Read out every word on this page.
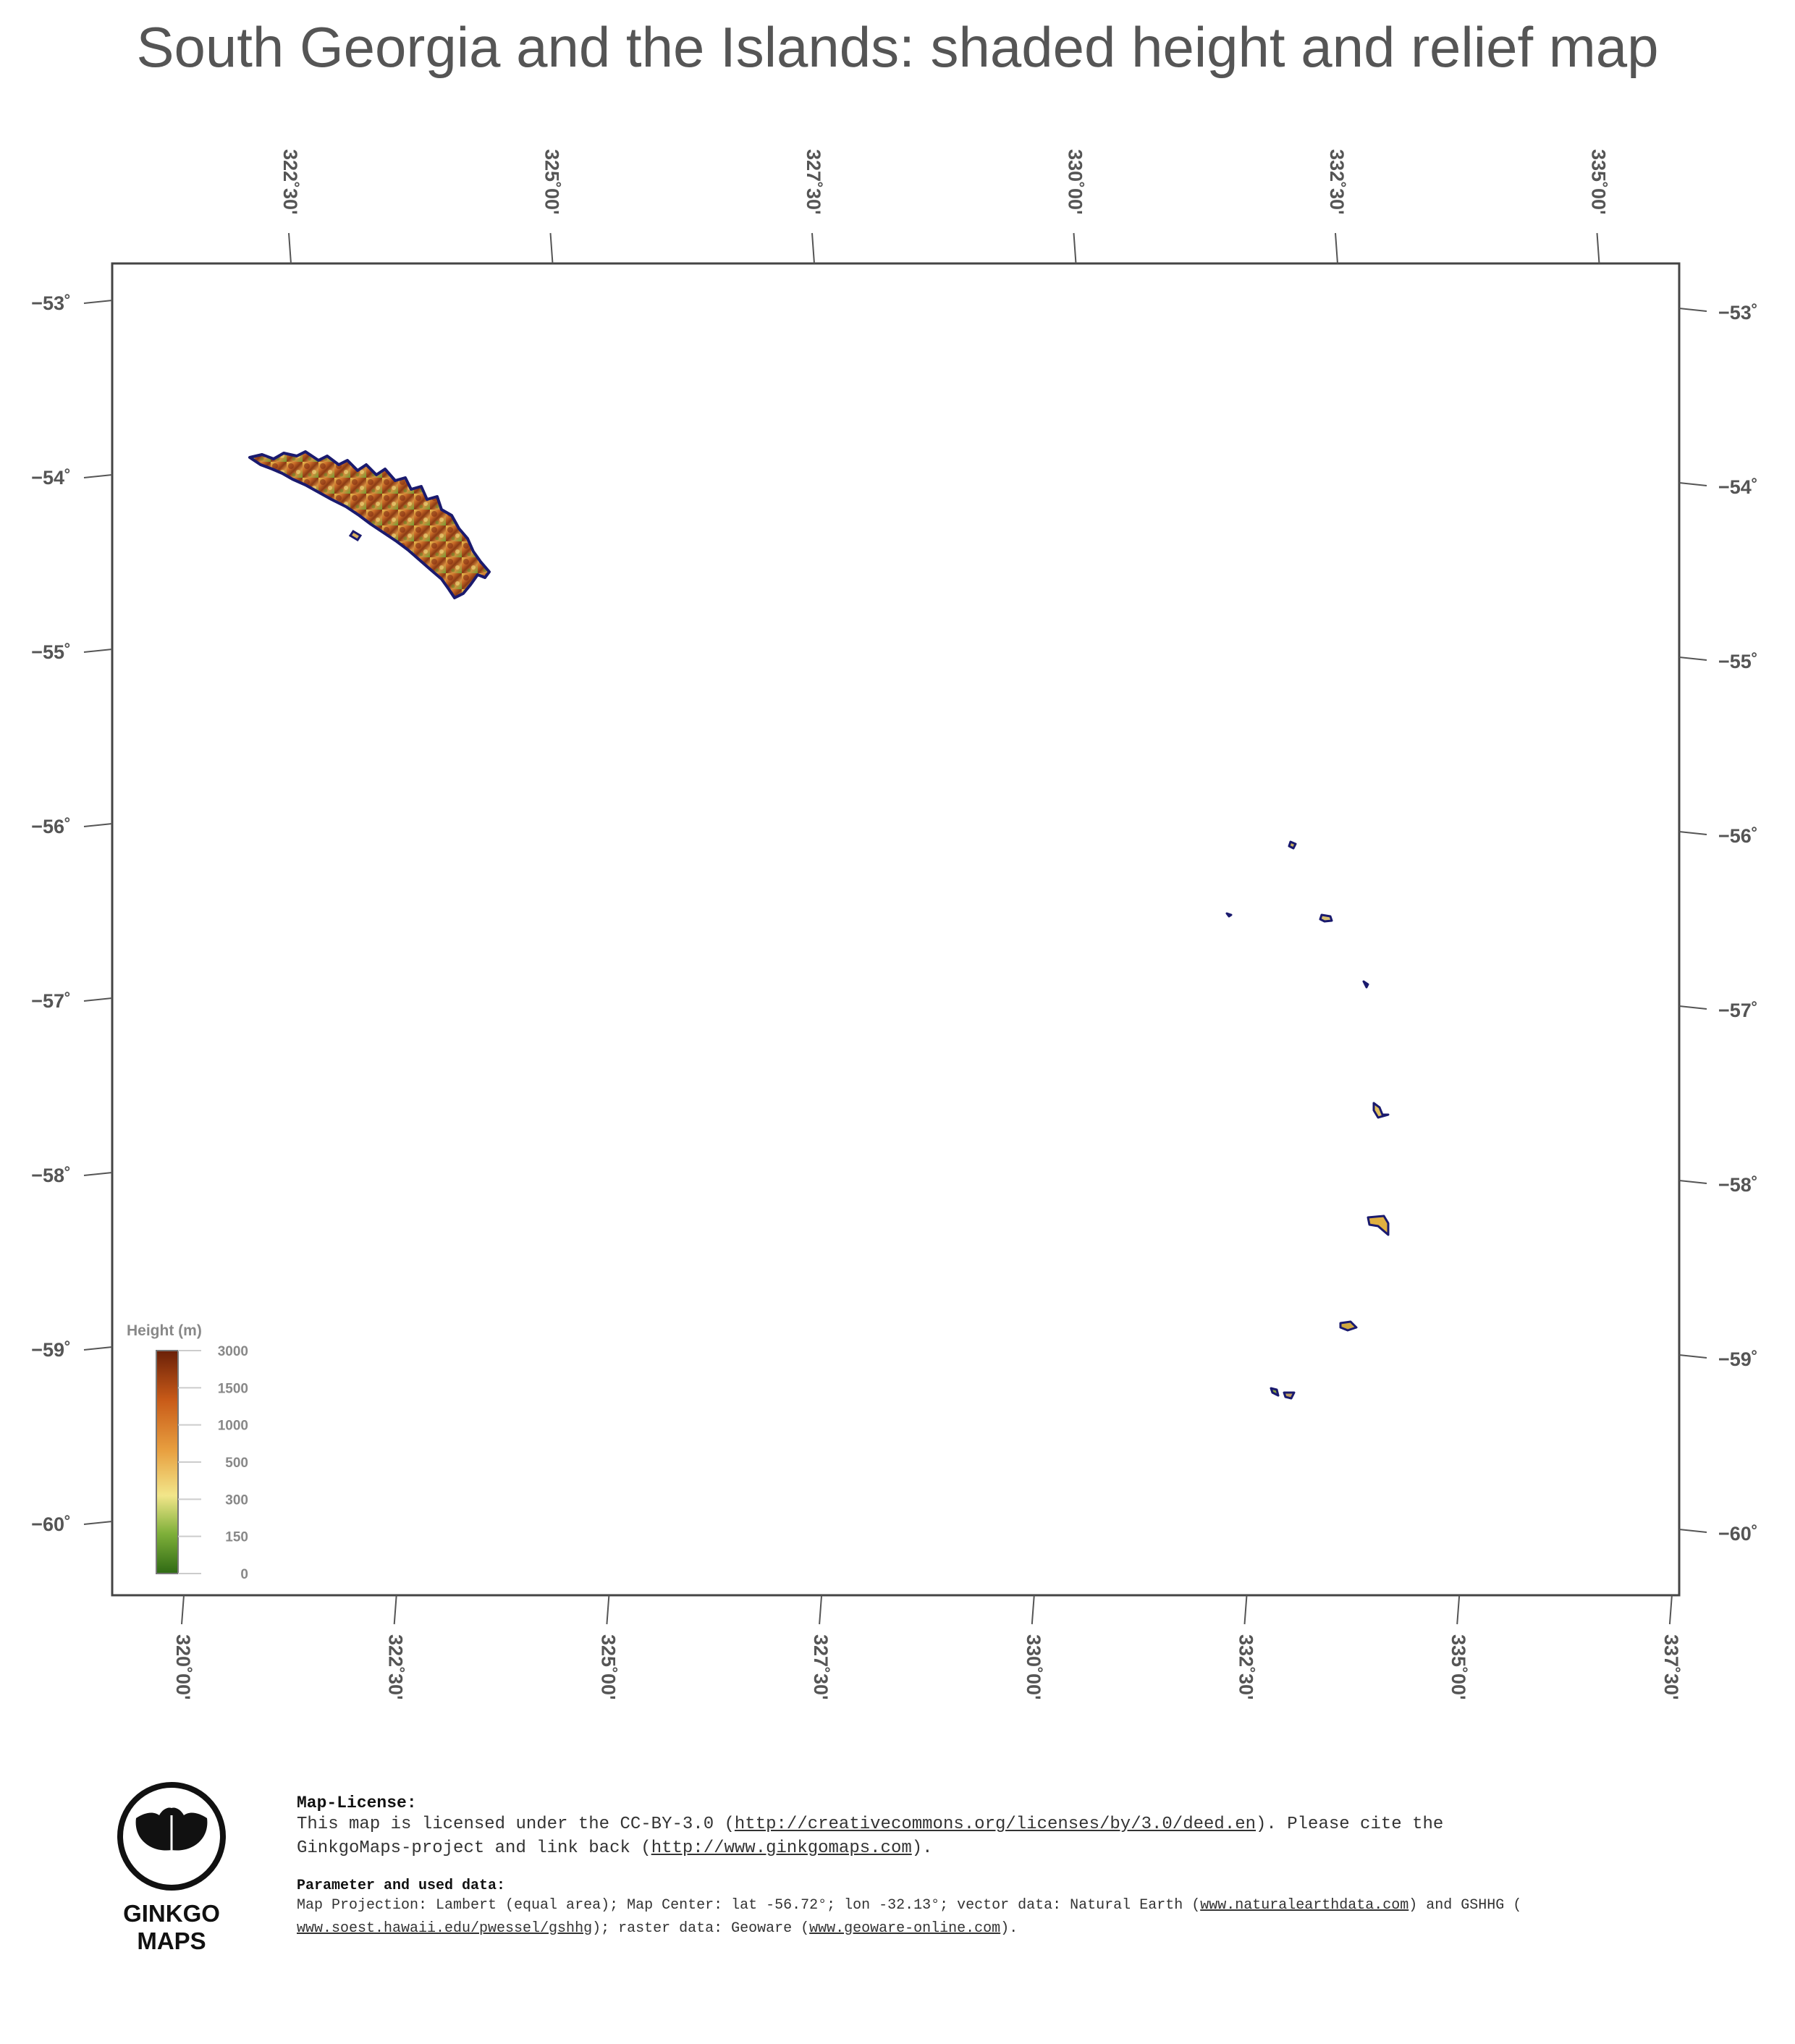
South Georgia and the Islands: shaded height and relief map
322˚30'	325˚00'	327˚30'	330˚00'	332˚30'	335˚00'
320˚00'	322˚30'	325˚00'	327˚30'	330˚00'	332˚30'	335˚00'	337˚30'
−53˚
−54˚
−55˚
−56˚
−57˚
−58˚
−59˚
−60˚
−53˚
−54˚
−55˚
−56˚
−57˚
−58˚
−59˚
−60˚
Height (m)
3000
1500
1000
500
300
150
0
GINKGO
MAPS
Map-License:
This map is licensed under the CC-BY-3.0 (http://creativecommons.org/licenses/by/3.0/deed.en). Please cite the
GinkgoMaps-project and link back (http://www.ginkgomaps.com).
Parameter and used data:
Map Projection: Lambert (equal area); Map Center: lat -56.72°; lon -32.13°; vector data: Natural Earth (www.naturalearthdata.com) and GSHHG (
www.soest.hawaii.edu/pwessel/gshhg); raster data: Geoware (www.geoware-online.com).
